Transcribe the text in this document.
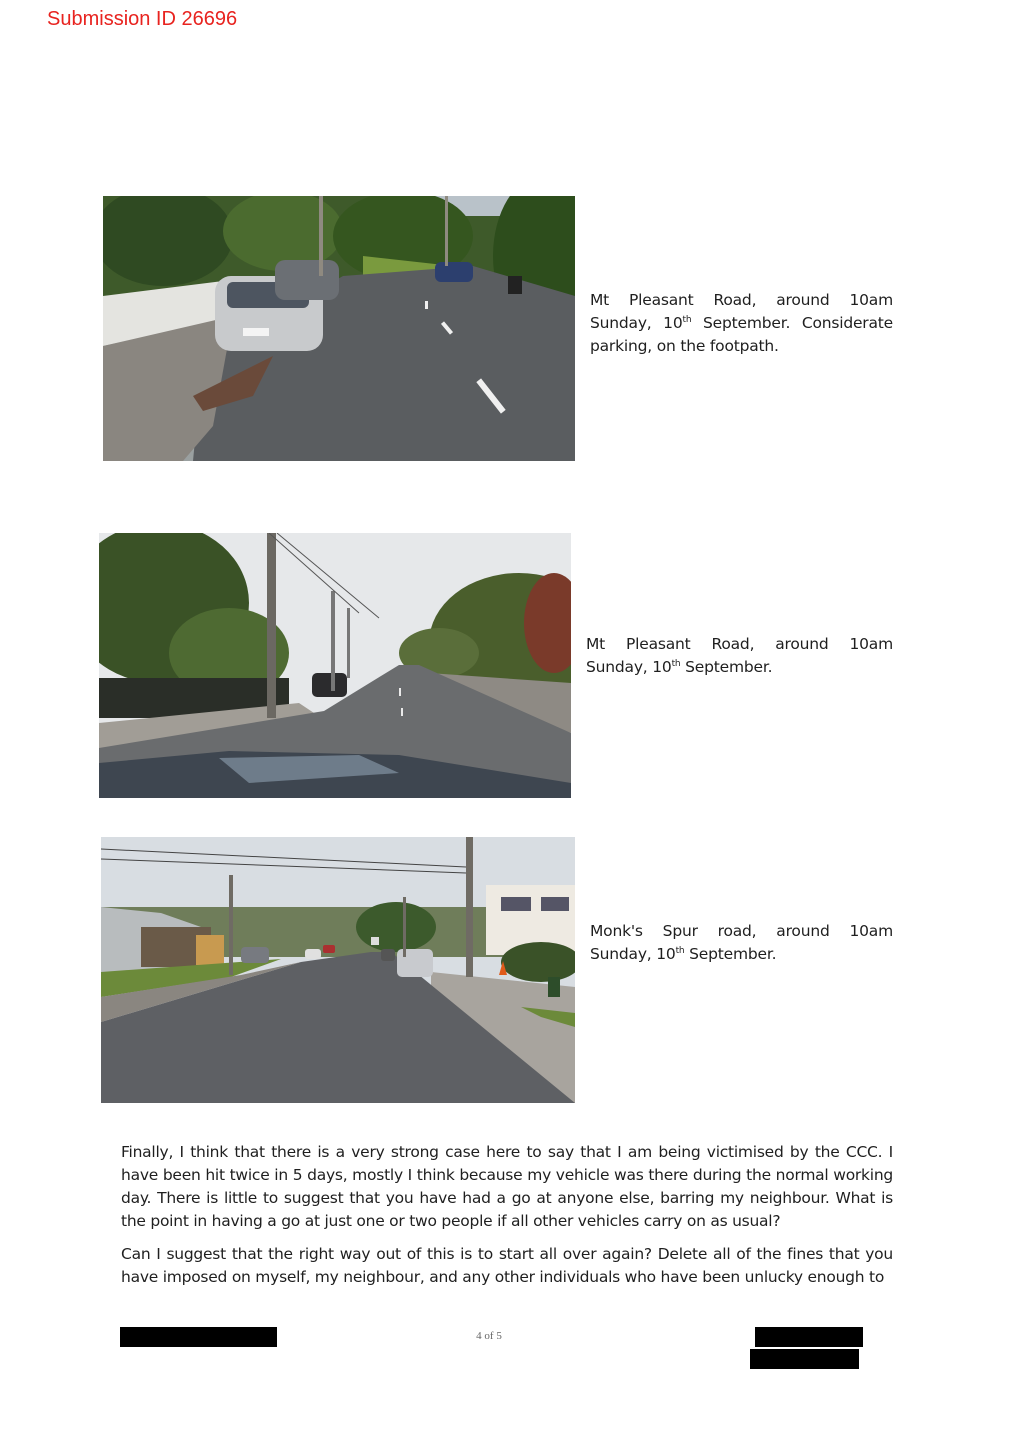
Submission ID 26696
Mt Pleasant Road, around 10am Sunday, 10th September. Considerate parking, on the footpath.
Mt Pleasant Road, around 10am Sunday, 10th September.
Monk's Spur road, around 10am Sunday, 10th September.

Finally, I think that there is a very strong case here to say that I am being victimised by the CCC. I have been hit twice in 5 days, mostly I think because my vehicle was there during the normal working day. There is little to suggest that you have had a go at anyone else, barring my neighbour. What is the point in having a go at just one or two people if all other vehicles carry on as usual?

Can I suggest that the right way out of this is to start all over again? Delete all of the fines that you have imposed on myself, my neighbour, and any other individuals who have been unlucky enough to

4 of 5
